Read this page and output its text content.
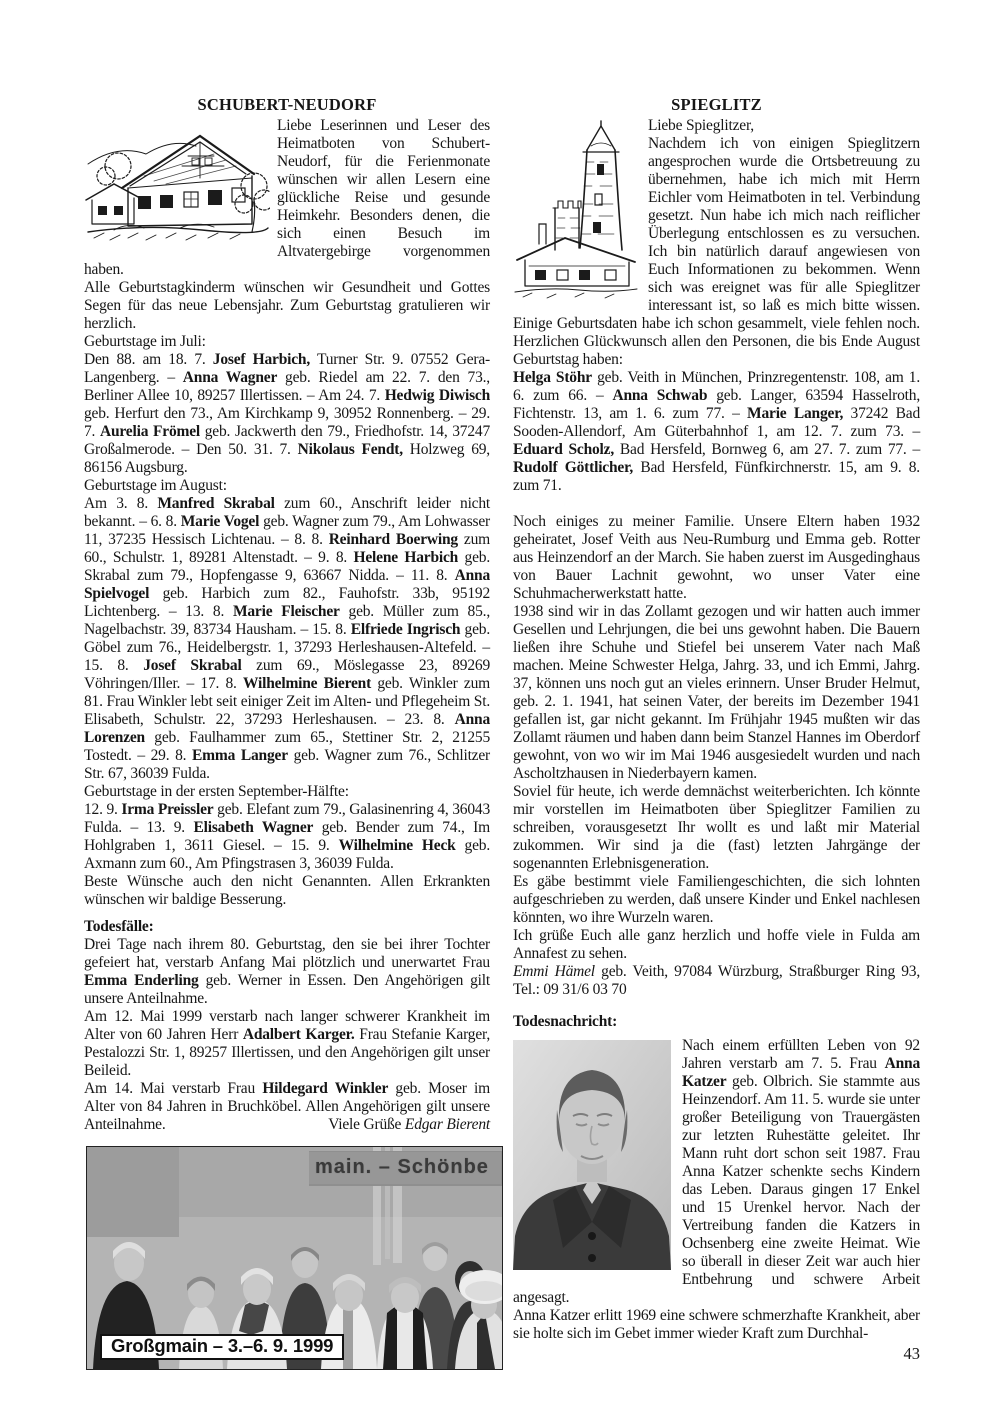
SCHUBERT-NEUDORF
Liebe Leserinnen und Leser des Heimatboten von Schubert-Neudorf, für die Ferienmonate wünschen wir allen Lesern eine glückliche Reise und gesunde Heimkehr. Besonders denen, die sich einen Besuch im Altvatergebirge vorgenommen haben.
Alle Geburtstagkinderm wünschen wir Gesundheit und Gottes Segen für das neue Lebensjahr. Zum Geburtstag gratulieren wir herzlich.
Geburtstage im Juli:
Den 88. am 18. 7. Josef Harbich, Turner Str. 9. 07552 Gera-Langenberg. – Anna Wagner geb. Riedel am 22. 7. den 73., Berliner Allee 10, 89257 Illertissen. – Am 24. 7. Hedwig Diwisch geb. Herfurt den 73., Am Kirchkamp 9, 30952 Ronnenberg. – 29. 7. Aurelia Frömel geb. Jackwerth den 79., Friedhofstr. 14, 37247 Großalmerode. – Den 50. 31. 7. Nikolaus Fendt, Holzweg 69, 86156 Augsburg.
Geburtstage im August:
Am 3. 8. Manfred Skrabal zum 60., Anschrift leider nicht bekannt. – 6. 8. Marie Vogel geb. Wagner zum 79., Am Lohwasser 11, 37235 Hessisch Lichtenau. – 8. 8. Reinhard Boerwing zum 60., Schulstr. 1, 89281 Altenstadt. – 9. 8. Helene Harbich geb. Skrabal zum 79., Hopfengasse 9, 63667 Nidda. – 11. 8. Anna Spielvogel geb. Harbich zum 82., Fauhofstr. 33b, 95192 Lichtenberg. – 13. 8. Marie Fleischer geb. Müller zum 85., Nagelbachstr. 39, 83734 Hausham. – 15. 8. Elfriede Ingrisch geb. Göbel zum 76., Heidelbergstr. 1, 37293 Herleshausen-Altefeld. – 15. 8. Josef Skrabal zum 69., Möslegasse 23, 89269 Vöhringen/Iller. – 17. 8. Wilhelmine Bierent geb. Winkler zum 81. Frau Winkler lebt seit einiger Zeit im Alten- und Pflegeheim St. Elisabeth, Schulstr. 22, 37293 Herleshausen. – 23. 8. Anna Lorenzen geb. Faulhammer zum 65., Stettiner Str. 2, 21255 Tostedt. – 29. 8. Emma Langer geb. Wagner zum 76., Schlitzer Str. 67, 36039 Fulda.
Geburtstage in der ersten September-Hälfte:
12. 9. Irma Preissler geb. Elefant zum 79., Galasinenring 4, 36043 Fulda. – 13. 9. Elisabeth Wagner geb. Bender zum 74., Im Hohlgraben 1, 3611 Giesel. – 15. 9. Wilhelmine Heck geb. Axmann zum 60., Am Pfingstrasen 3, 36039 Fulda.
Beste Wünsche auch den nicht Genannten. Allen Erkrankten wünschen wir baldige Besserung.
Todesfälle:
Drei Tage nach ihrem 80. Geburtstag, den sie bei ihrer Tochter gefeiert hat, verstarb Anfang Mai plötzlich und unerwartet Frau Emma Enderling geb. Werner in Essen. Den Angehörigen gilt unsere Anteilnahme.
Am 12. Mai 1999 verstarb nach langer schwerer Krankheit im Alter von 60 Jahren Herr Adalbert Karger. Frau Stefanie Karger, Pestalozzi Str. 1, 89257 Illertissen, und den Angehörigen gilt unser Beileid.
Am 14. Mai verstarb Frau Hildegard Winkler geb. Moser im Alter von 84 Jahren in Bruchköbel. Allen Angehörigen gilt unsere Anteilnahme.	Viele Grüße Edgar Bierent
main. – Schönbe
Großgmain – 3.–6. 9. 1999
SPIEGLITZ
Liebe Spieglitzer,
Nachdem ich von einigen Spieglitzern angesprochen wurde die Ortsbetreuung zu übernehmen, habe ich mich mit Herrn Eichler vom Heimatboten in tel. Verbindung gesetzt. Nun habe ich mich nach reiflicher Überlegung entschlossen es zu versuchen. Ich bin natürlich darauf angewiesen von Euch Informationen zu bekommen. Wenn sich was ereignet was für alle Spieglitzer interessant ist, so laß es mich bitte wissen. Einige Geburtsdaten habe ich schon gesammelt, viele fehlen noch. Herzlichen Glückwunsch allen den Personen, die bis Ende August Geburtstag haben:
Helga Stöhr geb. Veith in München, Prinzregentenstr. 108, am 1. 6. zum 66. – Anna Schwab geb. Langer, 63594 Hasselroth, Fichtenstr. 13, am 1. 6. zum 77. – Marie Langer, 37242 Bad Sooden-Allendorf, Am Güterbahnhof 1, am 12. 7. zum 73. – Eduard Scholz, Bad Hersfeld, Bornweg 6, am 27. 7. zum 77. – Rudolf Göttlicher, Bad Hersfeld, Fünfkirchnerstr. 15, am 9. 8. zum 71.
Noch einiges zu meiner Familie. Unsere Eltern haben 1932 geheiratet, Josef Veith aus Neu-Rumburg und Emma geb. Rotter aus Heinzendorf an der March. Sie haben zuerst im Ausgedinghaus von Bauer Lachnit gewohnt, wo unser Vater eine Schuhmacherwerkstatt hatte.
1938 sind wir in das Zollamt gezogen und wir hatten auch immer Gesellen und Lehrjungen, die bei uns gewohnt haben. Die Bauern ließen ihre Schuhe und Stiefel bei unserem Vater nach Maß machen. Meine Schwester Helga, Jahrg. 33, und ich Emmi, Jahrg. 37, können uns noch gut an vieles erinnern. Unser Bruder Helmut, geb. 2. 1. 1941, hat seinen Vater, der bereits im Dezember 1941 gefallen ist, gar nicht gekannt. Im Frühjahr 1945 mußten wir das Zollamt räumen und haben dann beim Stanzel Hannes im Oberdorf gewohnt, von wo wir im Mai 1946 ausgesiedelt wurden und nach Ascholtzhausen in Niederbayern kamen.
Soviel für heute, ich werde demnächst weiterberichten. Ich könnte mir vorstellen im Heimatboten über Spieglitzer Familien zu schreiben, vorausgesetzt Ihr wollt es und laßt mir Material zukommen. Wir sind ja die (fast) letzten Jahrgänge der sogenannten Erlebnisgeneration.
Es gäbe bestimmt viele Familiengeschichten, die sich lohnten aufgeschrieben zu werden, daß unsere Kinder und Enkel nachlesen könnten, wo ihre Wurzeln waren.
Ich grüße Euch alle ganz herzlich und hoffe viele in Fulda am Annafest zu sehen.
Emmi Hämel geb. Veith, 97084 Würzburg, Straßburger Ring 93, Tel.: 09 31/6 03 70
Todesnachricht:
Nach einem erfüllten Leben von 92 Jahren verstarb am 7. 5. Frau Anna Katzer geb. Olbrich. Sie stammte aus Heinzendorf. Am 11. 5. wurde sie unter großer Beteiligung von Trauergästen zur letzten Ruhestätte geleitet. Ihr Mann ruht dort schon seit 1987. Frau Anna Katzer schenkte sechs Kindern das Leben. Daraus gingen 17 Enkel und 15 Urenkel hervor. Nach der Vertreibung fanden die Katzers in Ochsenberg eine zweite Heimat. Wie so überall in dieser Zeit war auch hier Entbehrung und schwere Arbeit angesagt.
Anna Katzer erlitt 1969 eine schwere schmerzhafte Krankheit, aber sie holte sich im Gebet immer wieder Kraft zum Durchhal-
43
